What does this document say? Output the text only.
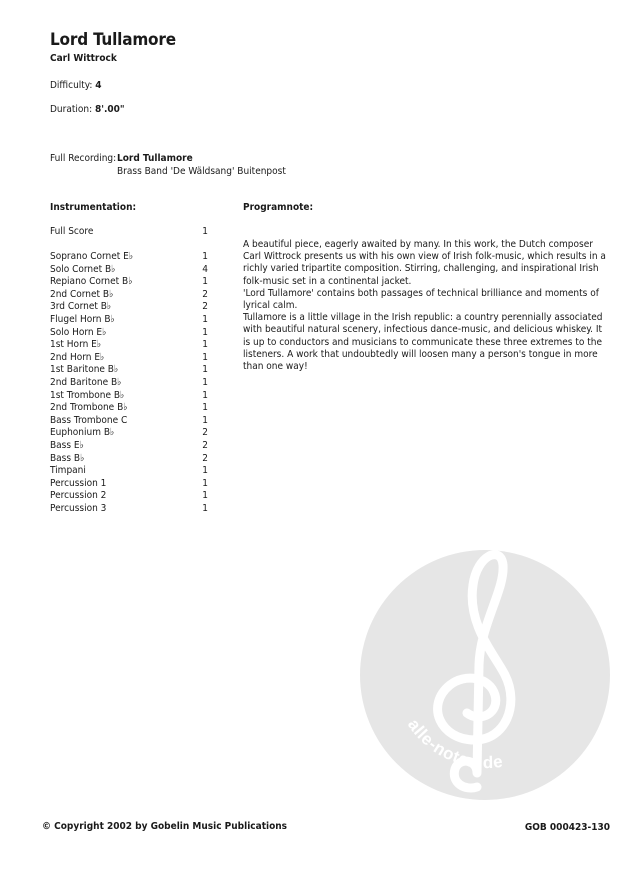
Lord Tullamore
Carl Wittrock
Difficulty: 4
Duration: 8'.00"
Full Recording: Lord Tullamore
Brass Band 'De Wäldsang' Buitenpost
Instrumentation:	Programnote:
Full Score	1
Soprano Cornet E♭	1
Solo Cornet B♭	4
Repiano Cornet B♭	1
2nd Cornet B♭	2
3rd Cornet B♭	2
Flugel Horn B♭	1
Solo Horn E♭	1
1st Horn E♭	1
2nd Horn E♭	1
1st Baritone B♭	1
2nd Baritone B♭	1
1st Trombone B♭	1
2nd Trombone B♭	1
Bass Trombone C	1
Euphonium B♭	2
Bass E♭	2
Bass B♭	2
Timpani	1
Percussion 1	1
Percussion 2	1
Percussion 3	1

A beautiful piece, eagerly awaited by many. In this work, the Dutch composer Carl Wittrock presents us with his own view of Irish folk-music, which results in a richly varied tripartite composition. Stirring, challenging, and inspirational Irish folk-music set in a continental jacket.

'Lord Tullamore' contains both passages of technical brilliance and moments of lyrical calm.

Tullamore is a little village in the Irish republic: a country perennially associated with beautiful natural scenery, infectious dance-music, and delicious whiskey. It is up to conductors and musicians to communicate these three extremes to the listeners. A work that undoubtedly will loosen many a person's tongue in more than one way!

alle-noten.de
© Copyright 2002 by Gobelin Music Publications	GOB 000423-130
